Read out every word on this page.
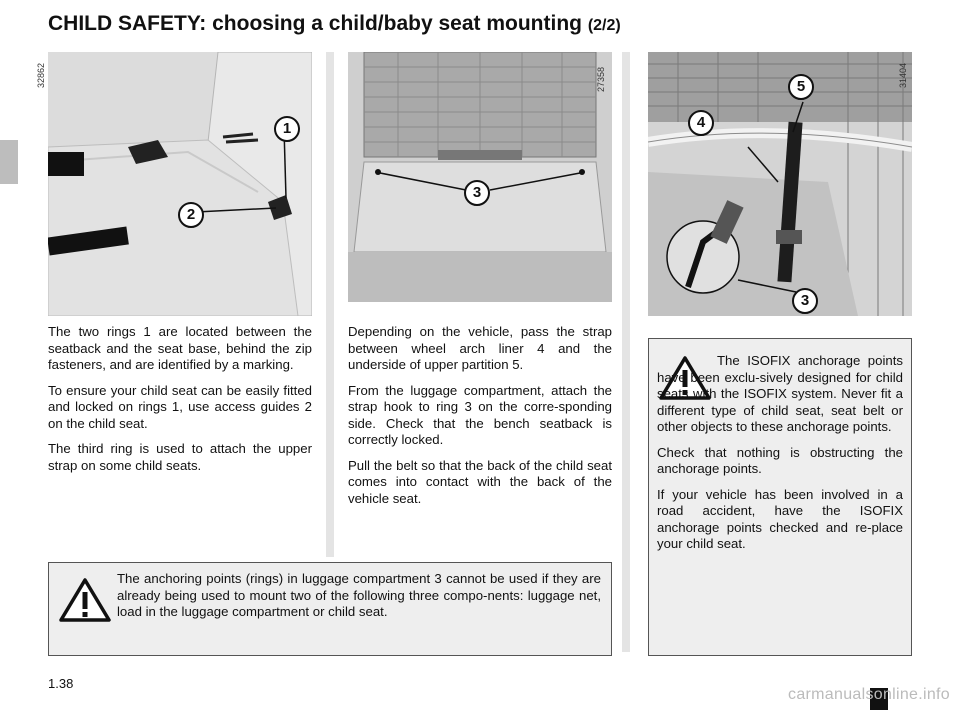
CHILD SAFETY: choosing a child/baby seat mounting (2/2)
1
2
32862
3
27358	5
4
3
31404

The two rings 1 are located between the seatback and the seat base, behind the zip fasteners, and are identified by a marking.

To ensure your child seat can be easily fitted and locked on rings 1, use access guides 2 on the child seat.

The third ring is used to attach the upper strap on some child seats.

Depending on the vehicle, pass the strap between wheel arch liner 4 and the underside of upper partition 5.

From the luggage compartment, attach the strap hook to ring 3 on the corre-sponding side. Check that the bench seatback is correctly locked.

Pull the belt so that the back of the child seat comes into contact with the back of the vehicle seat.

The ISOFIX anchorage points have been exclu-sively designed for child seats with the ISOFIX system. Never fit a different type of child seat, seat belt or other objects to these anchorage points.

Check that nothing is obstructing the anchorage points.

If your vehicle has been involved in a road accident, have the ISOFIX anchorage points checked and re-place your child seat.

The anchoring points (rings) in luggage compartment 3 cannot be used if they are already being used to mount two of the following three compo-nents: luggage net, load in the luggage compartment or child seat.
1.38
carmanualsonline.info
